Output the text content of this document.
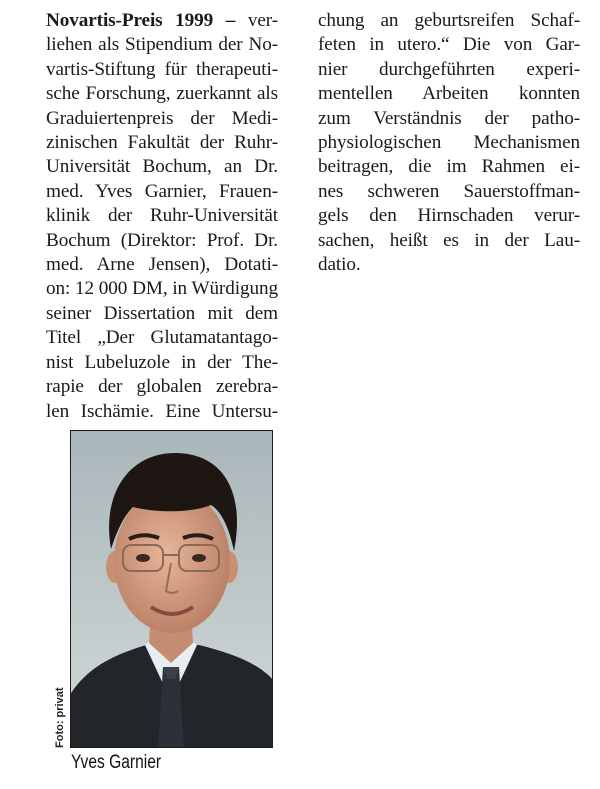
Novartis-Preis 1999 – ver-
liehen als Stipendium der No-
vartis-Stiftung für therapeuti-
sche Forschung, zuerkannt als
Graduiertenpreis der Medi-
zinischen Fakultät der Ruhr-
Universität Bochum, an Dr.
med. Yves Garnier, Frauen-
klinik der Ruhr-Universität
Bochum (Direktor: Prof. Dr.
med. Arne Jensen), Dotati-
on: 12 000 DM, in Würdigung
seiner Dissertation mit dem
Titel „Der Glutamatantago-
nist Lubeluzole in der The-
rapie der globalen zerebra-
len Ischämie. Eine Untersu-
chung an geburtsreifen Schaf-
feten in utero.“ Die von Gar-
nier durchgeführten experi-
mentellen Arbeiten konnten
zum Verständnis der patho-
physiologischen Mechanismen
beitragen, die im Rahmen ei-
nes schweren Sauerstoffman-
gels den Hirnschaden verur-
sachen, heißt es in der Lau-
datio.
Foto: privat
Yves Garnier
